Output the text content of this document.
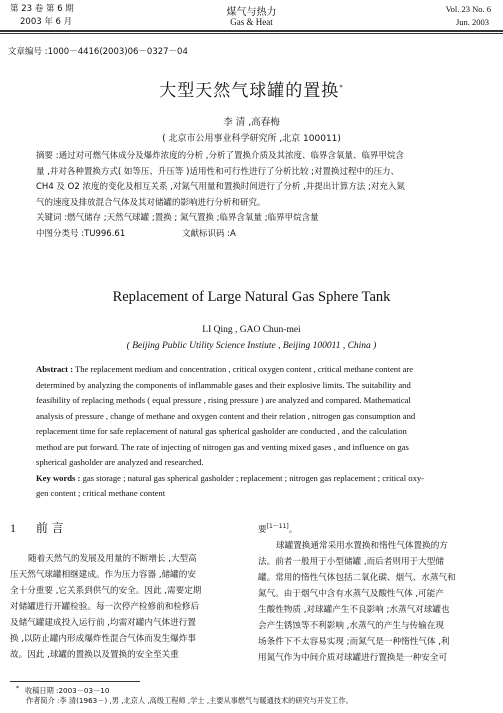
第 23 卷 第 6 期
2003 年 6 月
煤气与热力
Gas & Heat
Vol. 23 No. 6
Jun. 2003
文章编号 :1000－4416(2003)06－0327－04
大型天然气球罐的置换*
李 清 ,高春梅
( 北京市公用事业科学研究所 ,北京 100011)
摘要 :通过对可燃气体成分及爆炸浓度的分析 ,分析了置换介质及其浓度、临界含氧量、临界甲烷含
量 ,并对各种置换方式( 如等压、升压等 )适用性和可行性进行了分析比较 ;对置换过程中的压力、
CH4 及 O2 浓度的变化及相互关系 ,对氮气用量和置换时间进行了分析 ,并提出计算方法 ;对充入氮
气的速度及排放混合气体及其对储罐的影响进行分析和研究。
关键词 :燃气储存 ;天然气球罐 ;置换 ; 氮气置换 ;临界含氧量 ;临界甲烷含量
中图分类号 :TU996.61	文献标识码 :A
Replacement of Large Natural Gas Sphere Tank
LI Qing , GAO Chun-mei
( Beijing Public Utility Science Instiute , Beijing 100011 , China )
Abstract : The replacement medium and concentration , critical oxygen content , critical methane content are
determined by analyzing the components of inflammable gases and their explosive limits. The suitability and
feasibility of replacing methods ( equal pressure , rising pressure ) are analyzed and compared. Mathematical
analysis of pressure , change of methane and oxygen content and their relation , nitrogen gas consumption and
replacement time for safe replacement of natural gas spherical gasholder are conducted , and the calculation
method are put forward. The rate of injecting of nitrogen gas and venting mixed gases , and influence on gas
spherical gasholder are analyzed and researched.
Key words : gas storage ; natural gas spherical gasholder ; replacement ; nitrogen gas replacement ; critical oxy-
gen content ; critical methane content
1 前 言
随着天然气的发展及用量的不断增长 ,大型高
压天然气球罐相继建成。作为压力容器 ,储罐的安
全十分重要 ,它关系到供气的安全。因此 ,需要定期
对储罐进行开罐检验。每一次停产检修前和检修后
及储气罐建成投入运行前 ,均需对罐内气体进行置
换 ,以防止罐内形成爆炸性混合气体而发生爆炸事
故。因此 ,球罐的置换以及置换的安全至关重
要[1～11]。
球罐置换通常采用水置换和惰性气体置换的方
法。前者一般用于小型储罐 ,而后者则用于大型储
罐。常用的惰性气体包括二氧化碳、烟气、水蒸气和
氮气。由于烟气中含有水蒸气及酸性气体 ,可能产
生酸性物质 ,对球罐产生不良影响 ;水蒸气对球罐也
会产生锈蚀等不利影响 ,水蒸气的产生与传输在现
场条件下不太容易实现 ;而氮气是一种惰性气体 ,利
用氮气作为中间介质对球罐进行置换是一种安全可
* 收稿日期 :2003－03－10
作者简介 :李 清(1963－) ,男 ,北京人 ,高级工程师 ,学士 ,主要从事燃气与暖通技术的研究与开发工作。
